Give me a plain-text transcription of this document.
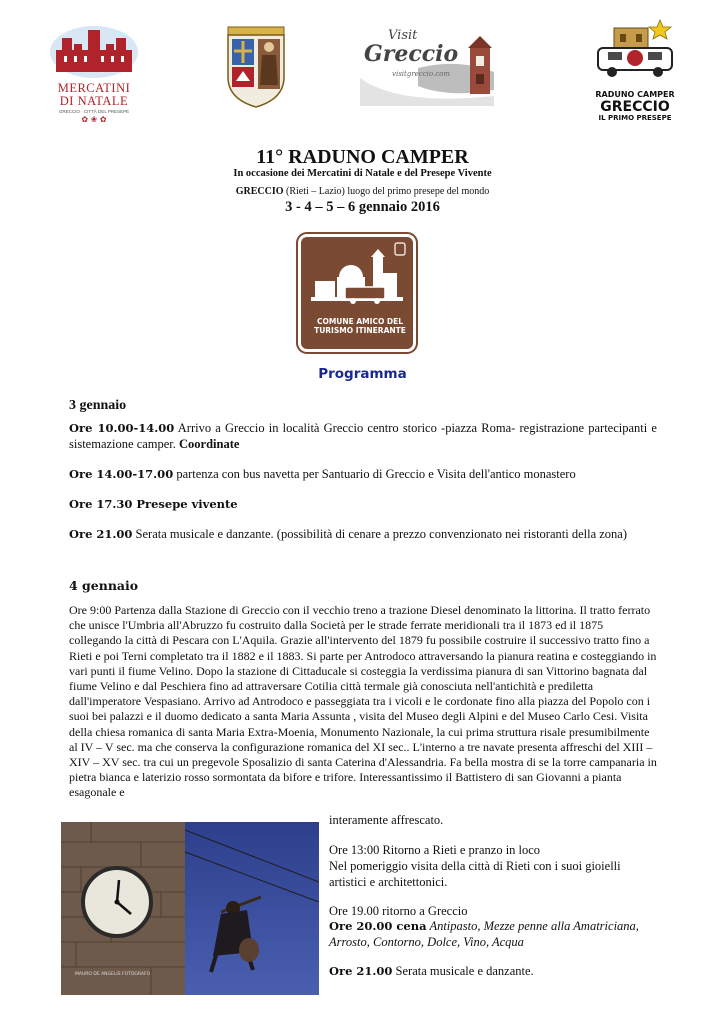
MERCATINI
DI NATALE
GRECCIO · CITTÀ DEL PRESEPE
✿ ❀ ✿
Visit
Greccio
visitgreccio.com
RADUNO CAMPER
GRECCIO
IL PRIMO PRESEPE
11° RADUNO CAMPER
In occasione dei Mercatini di Natale e del Presepe Vivente
GRECCIO (Rieti – Lazio) luogo del primo presepe del mondo
3 - 4 – 5 – 6 gennaio 2016
COMUNE AMICO DEL
TURISMO ITINERANTE
Programma
3 gennaio
Ore 10.00-14.00 Arrivo a Greccio in località Greccio centro storico -piazza Roma- registrazione partecipanti e sistemazione camper. Coordinate
Ore 14.00-17.00 partenza con bus navetta per Santuario di Greccio e Visita dell'antico monastero
Ore 17.30 Presepe vivente
Ore 21.00 Serata musicale e danzante. (possibilità di cenare a prezzo convenzionato nei ristoranti della zona)
4 gennaio
Ore 9:00 Partenza dalla Stazione di Greccio con il vecchio treno a trazione Diesel denominato la littorina. Il tratto ferrato che unisce l'Umbria all'Abruzzo fu costruito dalla Società per le strade ferrate meridionali tra il 1873 ed il 1875 collegando la città di Pescara con L'Aquila. Grazie all'intervento del 1879 fu possibile costruire il successivo tratto fino a Rieti e poi Terni completato tra il 1882 e il 1883. Si parte per Antrodoco attraversando la pianura reatina e costeggiando in vari punti il fiume Velino. Dopo la stazione di Cittaducale si costeggia la verdissima pianura di san Vittorino bagnata dal fiume Velino e dal Peschiera fino ad attraversare Cotilia città termale già conosciuta nell'antichità e prediletta dall'imperatore Vespasiano. Arrivo ad Antrodoco e passeggiata tra i vicoli e le cordonate fino alla piazza del Popolo con i suoi bei palazzi e il duomo dedicato a santa Maria Assunta , visita del Museo degli Alpini e del Museo Carlo Cesi. Visita della chiesa romanica di santa Maria Extra-Moenia, Monumento Nazionale, la cui prima struttura risale presumibilmente al IV – V sec. ma che conserva la configurazione romanica del XI sec.. L'interno a tre navate presenta affreschi del XIII – XIV – XV sec. tra cui un pregevole Sposalizio di santa Caterina d'Alessandria. Fa bella mostra di se la torre campanaria in pietra bianca e laterizio rosso sormontata da bifore e trifore. Interessantissimo il Battistero di san Giovanni a pianta esagonale e
MAURO DE ANGELIS FOTOGRAFO
interamente affrescato.
Ore 13:00 Ritorno a Rieti e pranzo in loco
Nel pomeriggio visita della città di Rieti con i suoi gioielli artistici e architettonici.
Ore 19.00 ritorno a Greccio
Ore 20.00 cena Antipasto, Mezze penne alla Amatriciana, Arrosto, Contorno, Dolce, Vino, Acqua
Ore 21.00 Serata musicale e danzante.
